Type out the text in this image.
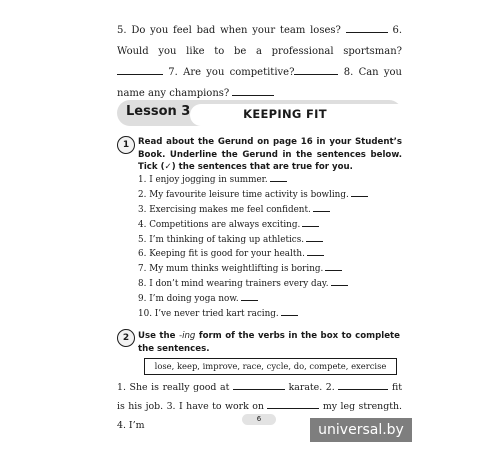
5. Do you feel bad when your team loses?	6. Would you like to be a professional sportsman?  7. Are you competitive?	8. Can you name any champions?
Lesson 3	KEEPING FIT
1	Read about the Gerund on page 16 in your Student’s Book. Underline the Gerund in the sentences below. Tick (✓) the sentences that are true for you.
1. I enjoy jogging in summer.
2. My favourite leisure time activity is bowling.
3. Exercising makes me feel confident.
4. Competitions are always exciting.
5. I’m thinking of taking up athletics.
6. Keeping fit is good for your health.
7. My mum thinks weightlifting is boring.
8. I don’t mind wearing trainers every day.
9. I’m doing yoga now.
10. I’ve never tried kart racing.
2	Use the -ing form of the verbs in the box to complete the sentences.
lose, keep, improve, race, cycle, do, compete, exercise
1. She is really good at	karate. 2.	fit is his job. 3. I have to work on	my leg strength. 4. I’m
6
universal.by
